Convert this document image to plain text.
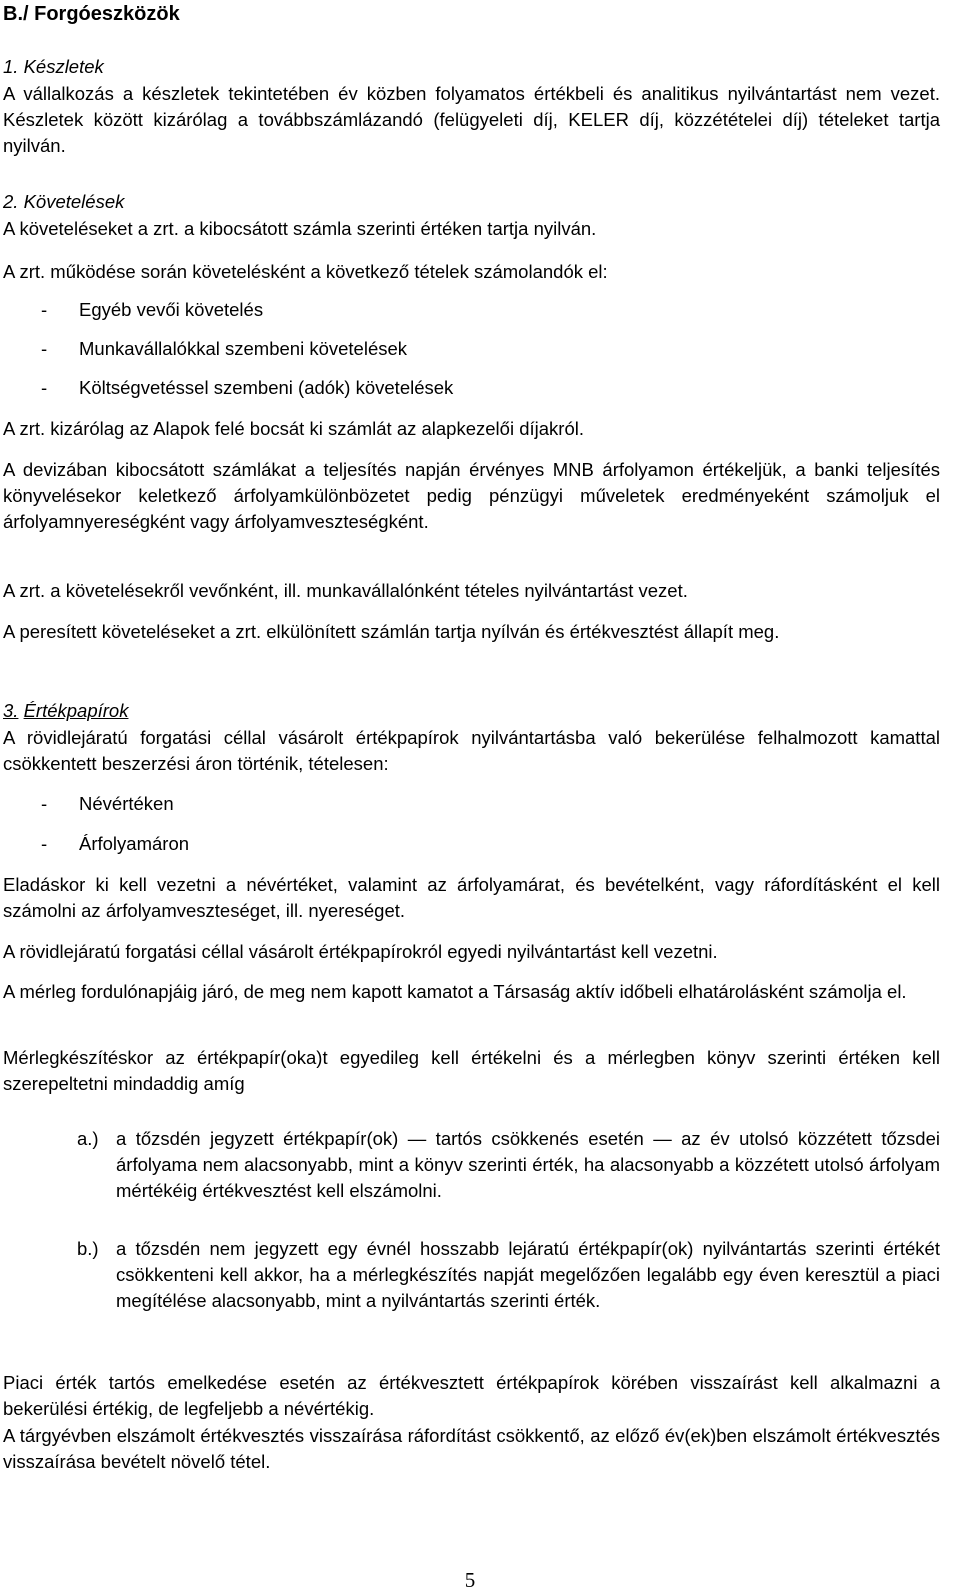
B./ Forgóeszközök
1. Készletek
A vállalkozás a készletek tekintetében év közben folyamatos értékbeli és analitikus nyilvántartást nem vezet. Készletek között kizárólag a továbbszámlázandó (felügyeleti díj, KELER díj, közzétételei díj) tételeket tartja nyilván.
2. Követelések
A követeléseket a zrt. a kibocsátott számla szerinti értéken tartja nyilván.
A zrt. működése során követelésként a következő tételek számolandók el:
- Egyéb vevői követelés
- Munkavállalókkal szembeni követelések
- Költségvetéssel szembeni (adók) követelések
A zrt. kizárólag az Alapok felé bocsát ki számlát az alapkezelői díjakról.
A devizában kibocsátott számlákat a teljesítés napján érvényes MNB árfolyamon értékeljük, a banki teljesítés könyvelésekor keletkező árfolyamkülönbözetet pedig pénzügyi műveletek eredményeként számoljuk el árfolyamnyereségként vagy árfolyamveszteségként.
A zrt. a követelésekről vevőnként, ill. munkavállalónként tételes nyilvántartást vezet.
A peresített követeléseket a zrt. elkülönített számlán tartja nyílván és értékvesztést állapít meg.
3. Értékpapírok
A rövidlejáratú forgatási céllal vásárolt értékpapírok nyilvántartásba való bekerülése felhalmozott kamattal csökkentett beszerzési áron történik, tételesen:
- Névértéken
- Árfolyamáron
Eladáskor ki kell vezetni a névértéket, valamint az árfolyamárat, és bevételként, vagy ráfordításként el kell számolni az árfolyamveszteséget, ill. nyereséget.
A rövidlejáratú forgatási céllal vásárolt értékpapírokról egyedi nyilvántartást kell vezetni.
A mérleg fordulónapjáig járó, de meg nem kapott kamatot a Társaság aktív időbeli elhatárolásként számolja el.
Mérlegkészítéskor az értékpapír(oka)t egyedileg kell értékelni és a mérlegben könyv szerinti értéken kell szerepeltetni mindaddig amíg
a.) a tőzsdén jegyzett értékpapír(ok) — tartós csökkenés esetén — az év utolsó közzétett tőzsdei árfolyama nem alacsonyabb, mint a könyv szerinti érték, ha alacsonyabb a közzétett utolsó árfolyam mértékéig értékvesztést kell elszámolni.
b.) a tőzsdén nem jegyzett egy évnél hosszabb lejáratú értékpapír(ok) nyilvántartás szerinti értékét csökkenteni kell akkor, ha a mérlegkészítés napját megelőzően legalább egy éven keresztül a piaci megítélése alacsonyabb, mint a nyilvántartás szerinti érték.
Piaci érték tartós emelkedése esetén az értékvesztett értékpapírok körében visszaírást kell alkalmazni a bekerülési értékig, de legfeljebb a névértékig.
A tárgyévben elszámolt értékvesztés visszaírása ráfordítást csökkentő, az előző év(ek)ben elszámolt értékvesztés visszaírása bevételt növelő tétel.
5
